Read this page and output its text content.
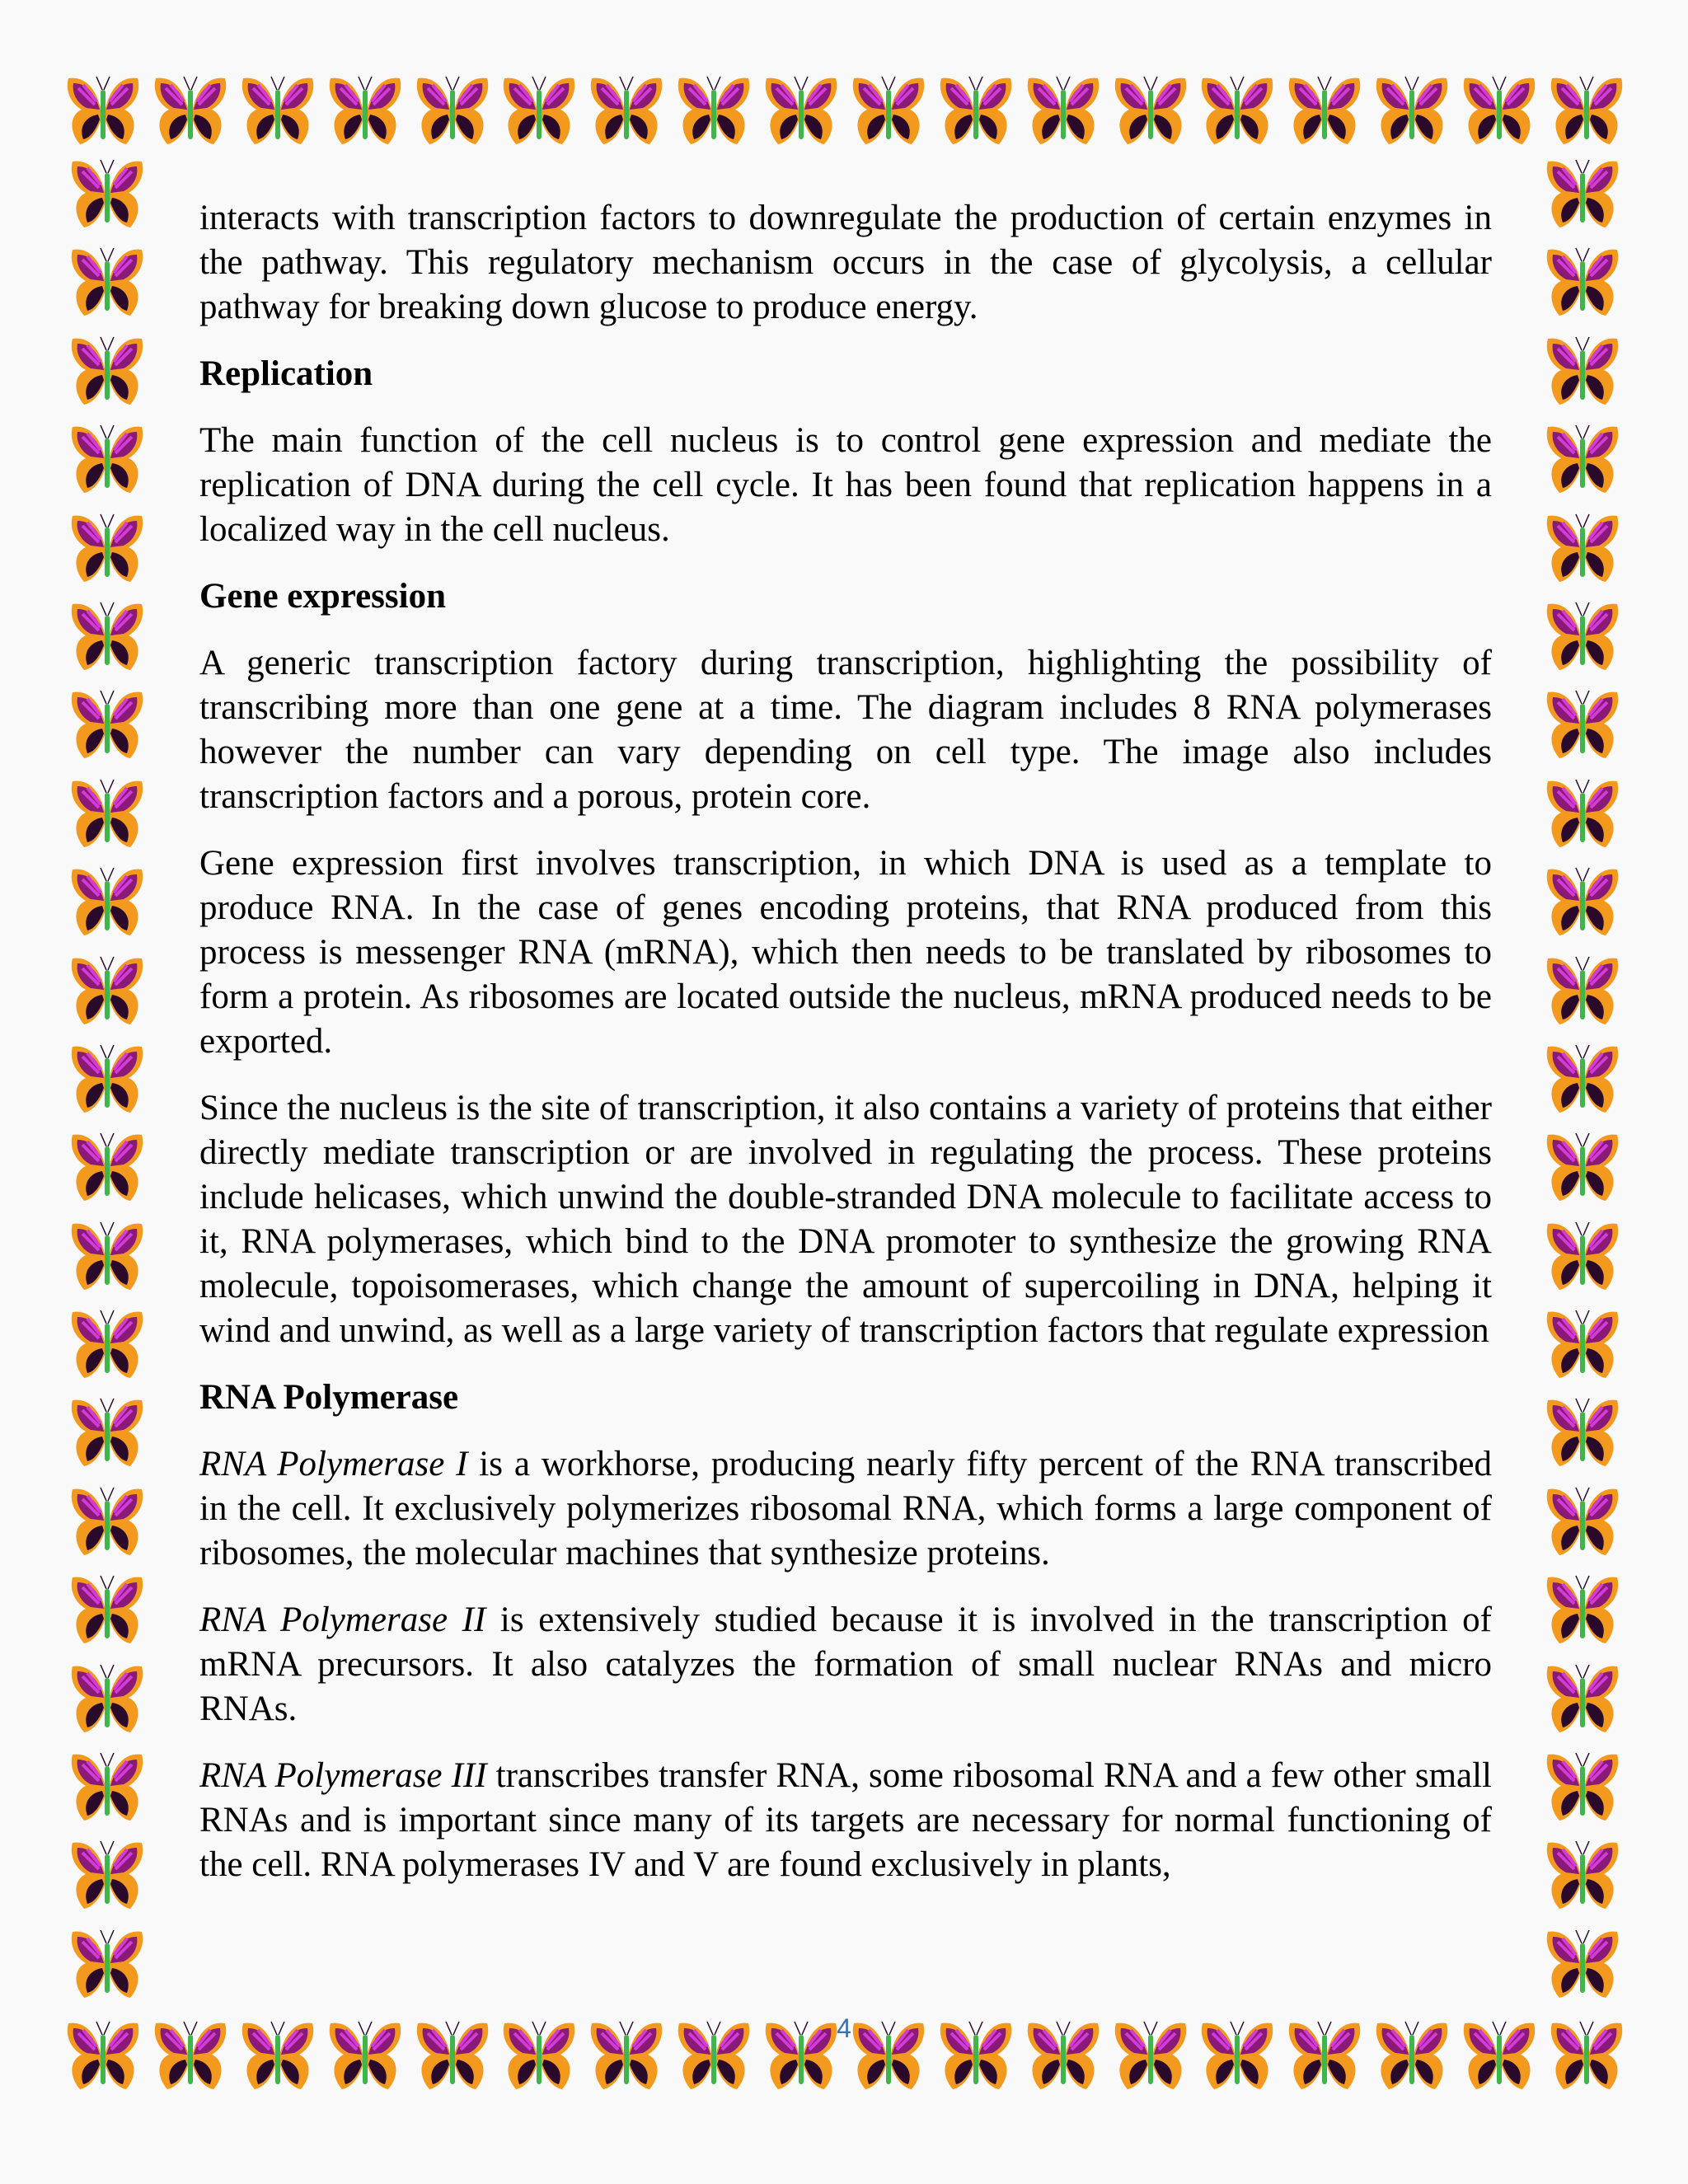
interacts with transcription factors to downregulate the production of certain enzymes in the pathway. This regulatory mechanism occurs in the case of glycolysis, a cellular pathway for breaking down glucose to produce energy.

Replication

The main function of the cell nucleus is to control gene expression and mediate the replication of DNA during the cell cycle. It has been found that replication happens in a localized way in the cell nucleus.

Gene expression

A generic transcription factory during transcription, highlighting the possibility of transcribing more than one gene at a time. The diagram includes 8 RNA polymerases however the number can vary depending on cell type. The image also includes transcription factors and a porous, protein core.

Gene expression first involves transcription, in which DNA is used as a template to produce RNA. In the case of genes encoding proteins, that RNA produced from this process is messenger RNA (mRNA), which then needs to be translated by ribosomes to form a protein. As ribosomes are located outside the nucleus, mRNA produced needs to be exported.

Since the nucleus is the site of transcription, it also contains a variety of proteins that either directly mediate transcription or are involved in regulating the process. These proteins include helicases, which unwind the double-stranded DNA molecule to facilitate access to it, RNA polymerases, which bind to the DNA promoter to synthesize the growing RNA molecule, topoisomerases, which change the amount of supercoiling in DNA, helping it wind and unwind, as well as a large variety of transcription factors that regulate expression

RNA Polymerase

RNA Polymerase I is a workhorse, producing nearly fifty percent of the RNA transcribed in the cell. It exclusively polymerizes ribosomal RNA, which forms a large component of ribosomes, the molecular machines that synthesize proteins.

RNA Polymerase II is extensively studied because it is involved in the transcription of mRNA precursors. It also catalyzes the formation of small nuclear RNAs and micro RNAs.

RNA Polymerase III transcribes transfer RNA, some ribosomal RNA and a few other small RNAs and is important since many of its targets are necessary for normal functioning of the cell. RNA polymerases IV and V are found exclusively in plants,

4
